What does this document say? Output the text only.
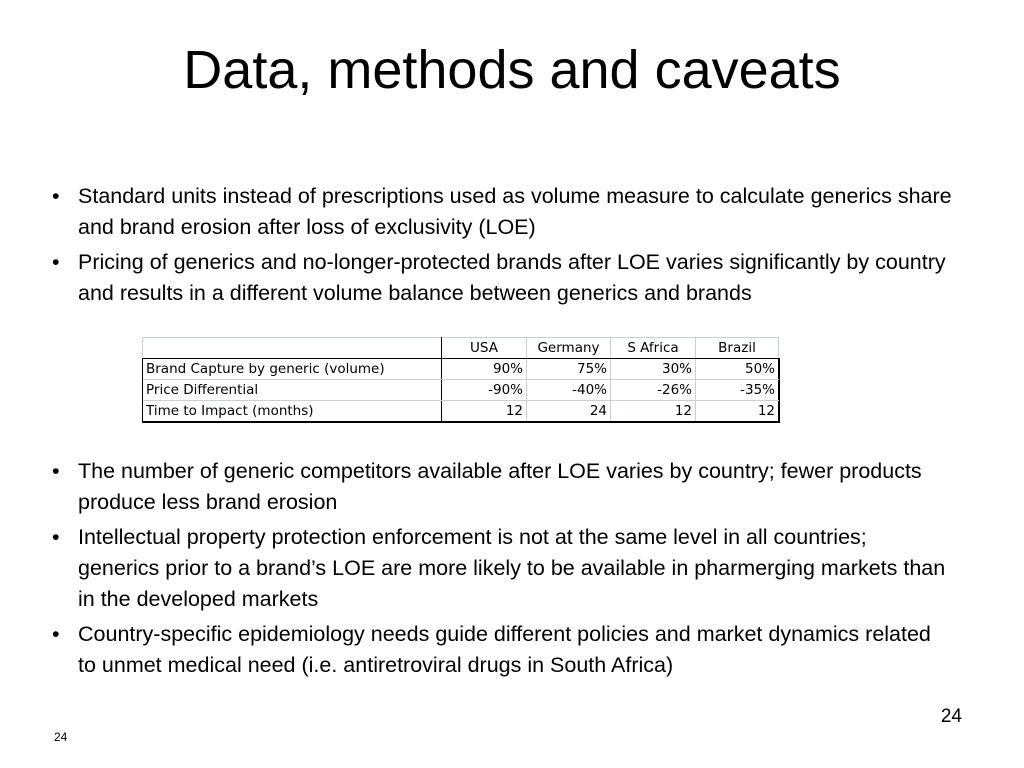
Data, methods and caveats
• Standard units instead of prescriptions used as volume measure to calculate generics share and brand erosion after loss of exclusivity (LOE)
• Pricing of generics and no-longer-protected brands after LOE varies significantly by country and results in a different volume balance between generics and brands
	USA	Germany	S Africa	Brazil
Brand Capture by generic (volume)	90%	75%	30%	50%
Price Differential	-90%	-40%	-26%	-35%
Time to Impact (months)	12	24	12	12
• The number of generic competitors available after LOE varies by country; fewer products produce less brand erosion
• Intellectual property protection enforcement is not at the same level in all countries; generics prior to a brand’s LOE are more likely to be available in pharmerging markets than in the developed markets
• Country-specific epidemiology needs guide different policies and market dynamics related to unmet medical need (i.e. antiretroviral drugs in South Africa)
24
24
